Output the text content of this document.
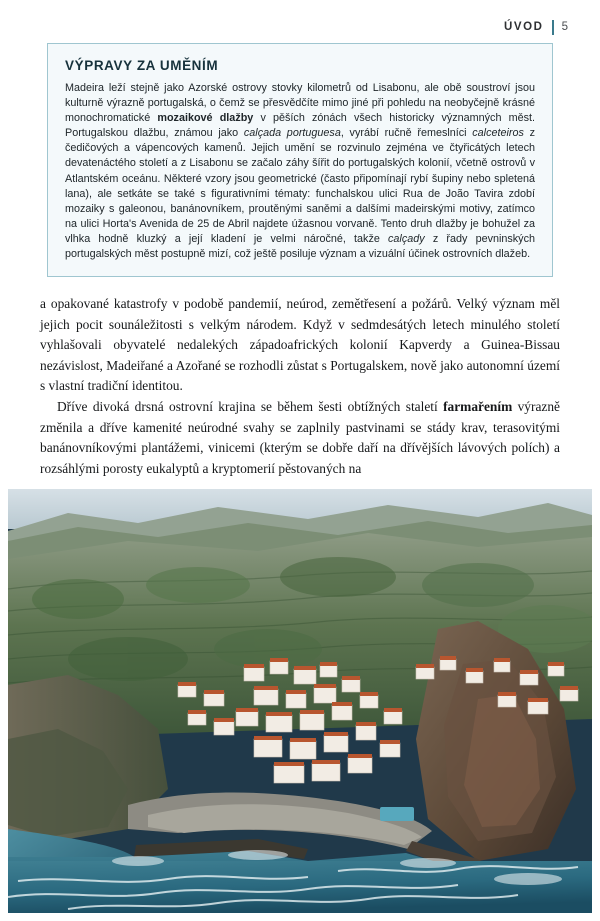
ÚVOD 5
VÝPRAVY ZA UMĚNÍM

Madeira leží stejně jako Azorské ostrovy stovky kilometrů od Lisabonu, ale obě soustroví jsou kulturně výrazně portugalská, o čemž se přesvědčíte mimo jiné při pohledu na neobyčejně krásné monochromatické mozaikové dlažby v pěších zónách všech historicky významných měst. Portugalskou dlažbu, známou jako calçada portuguesa, vyrábí ručně řemeslníci calceteiros z čedičových a vápencových kamenů. Jejich umění se rozvinulo zejména ve čtyřicátých letech devatenáctého století a z Lisabonu se začalo záhy šířit do portugalských kolonií, včetně ostrovů v Atlantském oceánu. Některé vzory jsou geometrické (často připomínají rybí šupiny nebo spletená lana), ale setkáte se také s figurativními tématy: funchalskou ulici Rua de João Tavira zdobí mozaiky s galeonou, banánovníkem, proutěnými saněmi a dalšími madeirskými motivy, zatímco na ulici Horta's Avenida de 25 de Abril najdete úžasnou vorvaně. Tento druh dlažby je bohužel za vlhka hodně kluzký a její kladení je velmi náročné, takže calçady z řady pevninských portugalských měst postupně mizí, což ještě posiluje význam a vizuální účinek ostrovních dlažeb.

a opakované katastrofy v podobě pandemií, neúrod, zemětřesení a požárů. Velký význam měl jejich pocit sounáležitosti s velkým národem. Když v sedmdesátých letech minulého století vyhlašovali obyvatelé nedalekých západoafrických kolonií Kapverdy a Guinea-Bissau nezávislost, Madeiřané a Azořané se rozhodli zůstat s Portugalskem, nově jako autonomní území s vlastní tradiční identitou.

Dříve divoká drsná ostrovní krajina se během šesti obtížných staletí farmařením výrazně změnila a dříve kamenité neúrodné svahy se zaplnily pastvinami se stády krav, terasovitými banánovníkovými plantážemi, vinicemi (kterým se dobře daří na dřívějších lávových polích) a rozsáhlými porosty eukalyptů a kryptomerií pěstovaných na
